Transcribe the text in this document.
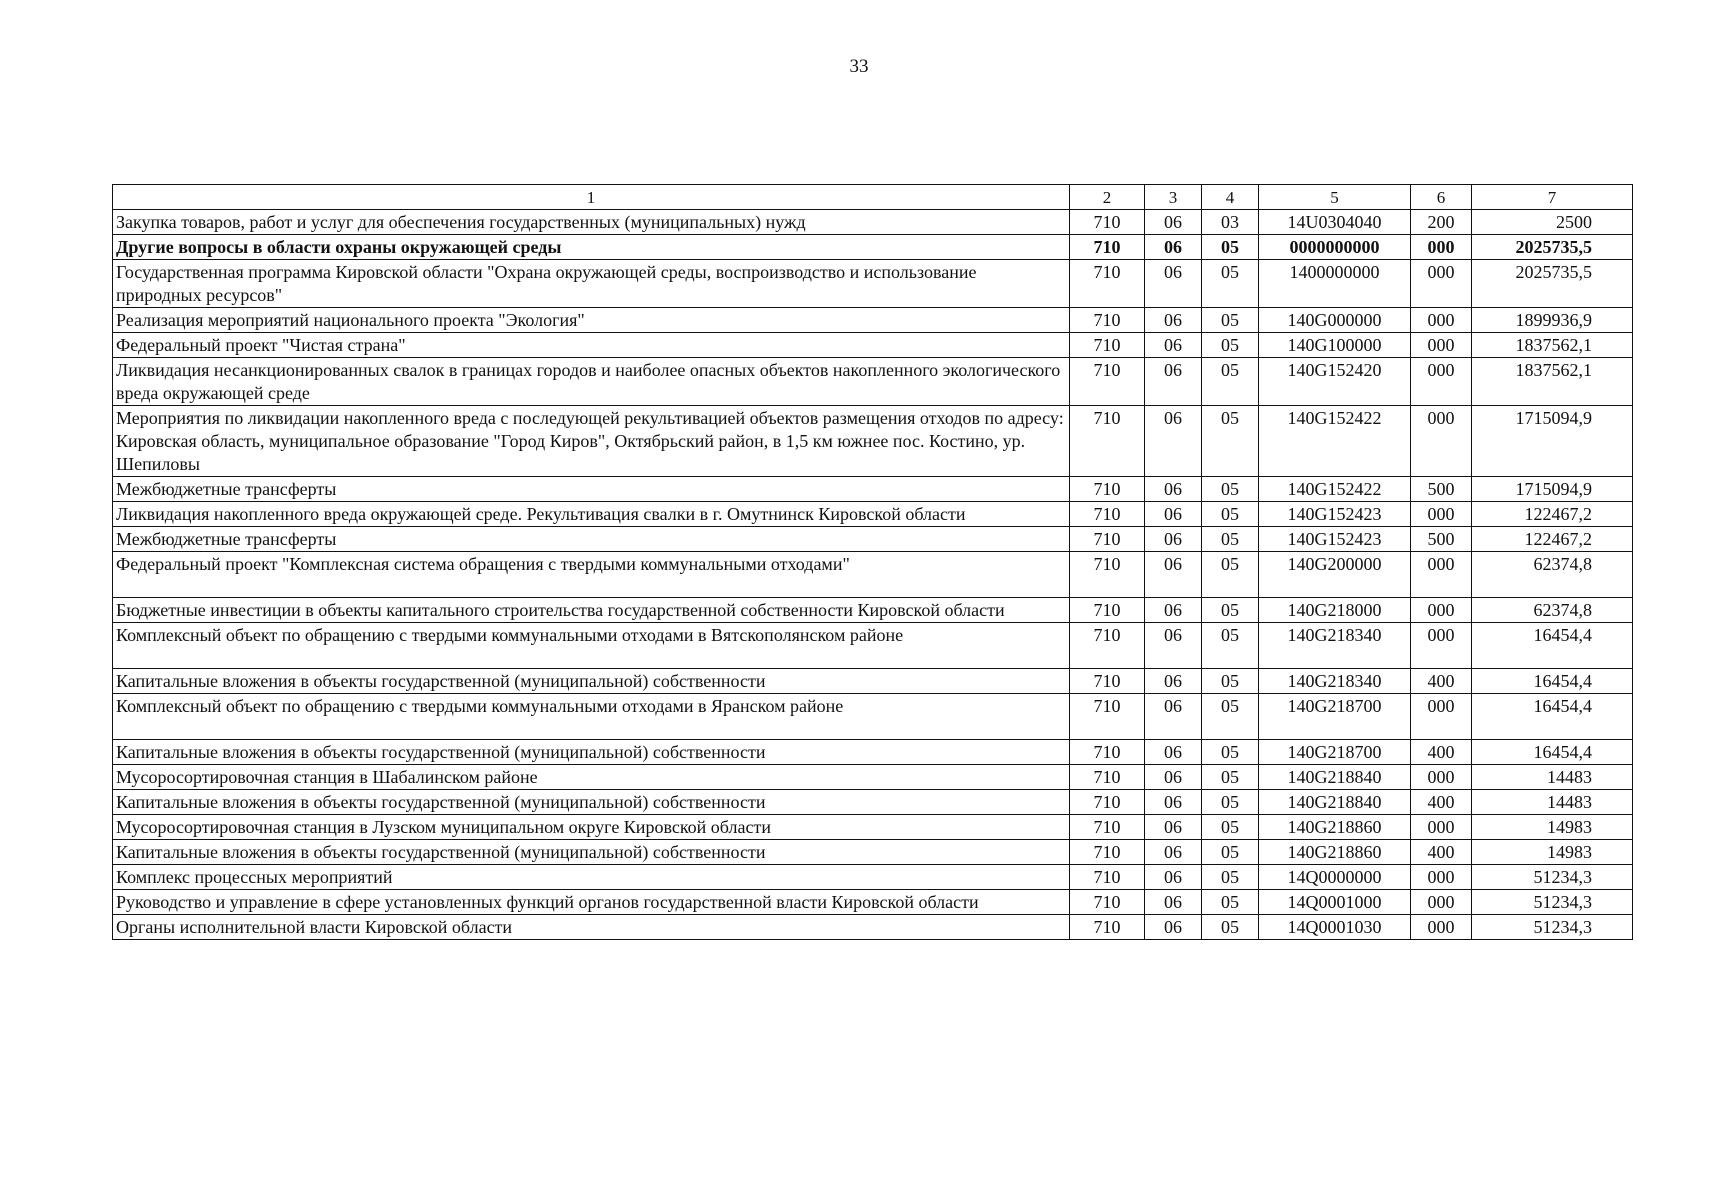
33
1	2	3	4	5	6	7
Закупка товаров, работ и услуг для обеспечения государственных (муниципальных) нужд	710	06	03	14U0304040	200	2500
Другие вопросы в области охраны окружающей среды	710	06	05	0000000000	000	2025735,5
Государственная программа Кировской области "Охрана окружающей среды, воспроизводство и использование природных ресурсов"	710	06	05	1400000000	000	2025735,5
Реализация мероприятий национального проекта "Экология"	710	06	05	140G000000	000	1899936,9
Федеральный проект "Чистая страна"	710	06	05	140G100000	000	1837562,1
Ликвидация несанкционированных свалок в границах городов и наиболее опасных объектов накопленного экологического вреда окружающей среде	710	06	05	140G152420	000	1837562,1
Мероприятия по ликвидации накопленного вреда с последующей рекультивацией объектов размещения отходов по адресу: Кировская область, муниципальное образование "Город Киров", Октябрьский район, в 1,5 км южнее пос. Костино, ур. Шепиловы	710	06	05	140G152422	000	1715094,9
Межбюджетные трансферты	710	06	05	140G152422	500	1715094,9
Ликвидация накопленного вреда окружающей среде. Рекультивация свалки в г. Омутнинск Кировской области	710	06	05	140G152423	000	122467,2
Межбюджетные трансферты	710	06	05	140G152423	500	122467,2
Федеральный проект "Комплексная система обращения с твердыми коммунальными отходами"	710	06	05	140G200000	000	62374,8
Бюджетные инвестиции в объекты капитального строительства государственной собственности Кировской области	710	06	05	140G218000	000	62374,8
Комплексный объект по обращению с твердыми коммунальными отходами в Вятскополянском районе	710	06	05	140G218340	000	16454,4
Капитальные вложения в объекты государственной (муниципальной) собственности	710	06	05	140G218340	400	16454,4
Комплексный объект по обращению с твердыми коммунальными отходами в Яранском районе	710	06	05	140G218700	000	16454,4
Капитальные вложения в объекты государственной (муниципальной) собственности	710	06	05	140G218700	400	16454,4
Мусоросортировочная станция в Шабалинском районе	710	06	05	140G218840	000	14483
Капитальные вложения в объекты государственной (муниципальной) собственности	710	06	05	140G218840	400	14483
Мусоросортировочная станция в Лузском муниципальном округе Кировской области	710	06	05	140G218860	000	14983
Капитальные вложения в объекты государственной (муниципальной) собственности	710	06	05	140G218860	400	14983
Комплекс процессных мероприятий	710	06	05	14Q0000000	000	51234,3
Руководство и управление в сфере установленных функций органов государственной власти Кировской области	710	06	05	14Q0001000	000	51234,3
Органы исполнительной власти Кировской области	710	06	05	14Q0001030	000	51234,3
